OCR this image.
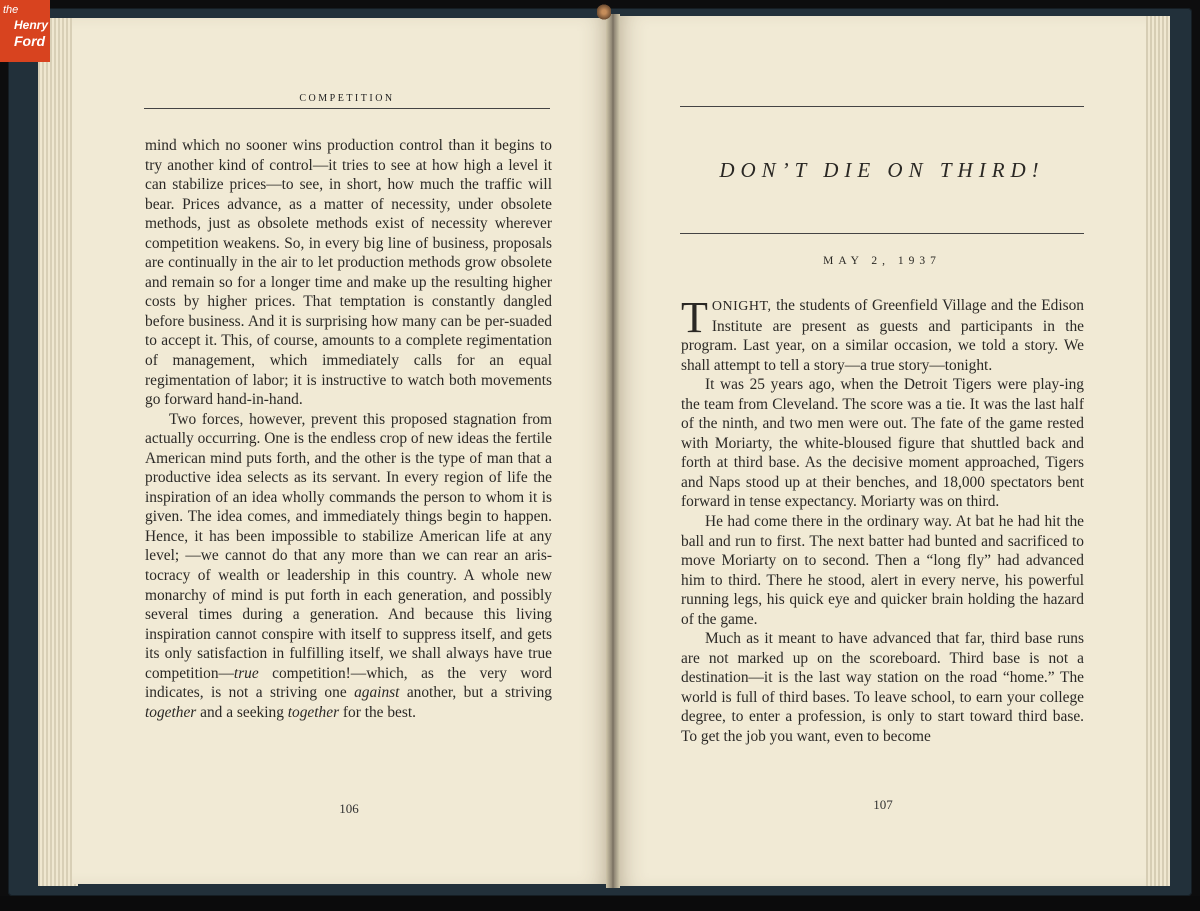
COMPETITION

mind which no sooner wins production control than it begins to try another kind of control—it tries to see at how high a level it can stabilize prices—to see, in short, how much the traffic will bear. Prices advance, as a matter of necessity, under obsolete methods, just as obsolete methods exist of necessity wherever competition weakens. So, in every big line of business, proposals are continually in the air to let production methods grow obsolete and remain so for a longer time and make up the resulting higher costs by higher prices. That temptation is constantly dangled before business. And it is surprising how many can be per-suaded to accept it. This, of course, amounts to a complete regimentation of management, which immediately calls for an equal regimentation of labor; it is instructive to watch both movements go forward hand-in-hand.

Two forces, however, prevent this proposed stagnation from actually occurring. One is the endless crop of new ideas the fertile American mind puts forth, and the other is the type of man that a productive idea selects as its servant. In every region of life the inspiration of an idea wholly commands the person to whom it is given. The idea comes, and immediately things begin to happen. Hence, it has been impossible to stabilize American life at any level; —we cannot do that any more than we can rear an aris-tocracy of wealth or leadership in this country. A whole new monarchy of mind is put forth in each generation, and possibly several times during a generation. And because this living inspiration cannot conspire with itself to suppress itself, and gets its only satisfaction in fulfilling itself, we shall always have true competition—true competition!—which, as the very word indicates, is not a striving one against another, but a striving together and a seeking together for the best.

106
DON’T DIE ON THIRD!
MAY 2, 1937

TONIGHT, the students of Greenfield Village and the Edison Institute are present as guests and participants in the program. Last year, on a similar occasion, we told a story. We shall attempt to tell a story—a true story—tonight.

It was 25 years ago, when the Detroit Tigers were play-ing the team from Cleveland. The score was a tie. It was the last half of the ninth, and two men were out. The fate of the game rested with Moriarty, the white-bloused figure that shuttled back and forth at third base. As the decisive moment approached, Tigers and Naps stood up at their benches, and 18,000 spectators bent forward in tense expectancy. Moriarty was on third.

He had come there in the ordinary way. At bat he had hit the ball and run to first. The next batter had bunted and sacrificed to move Moriarty on to second. Then a “long fly” had advanced him to third. There he stood, alert in every nerve, his powerful running legs, his quick eye and quicker brain holding the hazard of the game.

Much as it meant to have advanced that far, third base runs are not marked up on the scoreboard. Third base is not a destination—it is the last way station on the road “home.” The world is full of third bases. To leave school, to earn your college degree, to enter a profession, is only to start toward third base. To get the job you want, even to become

107
the
Henry
Ford
